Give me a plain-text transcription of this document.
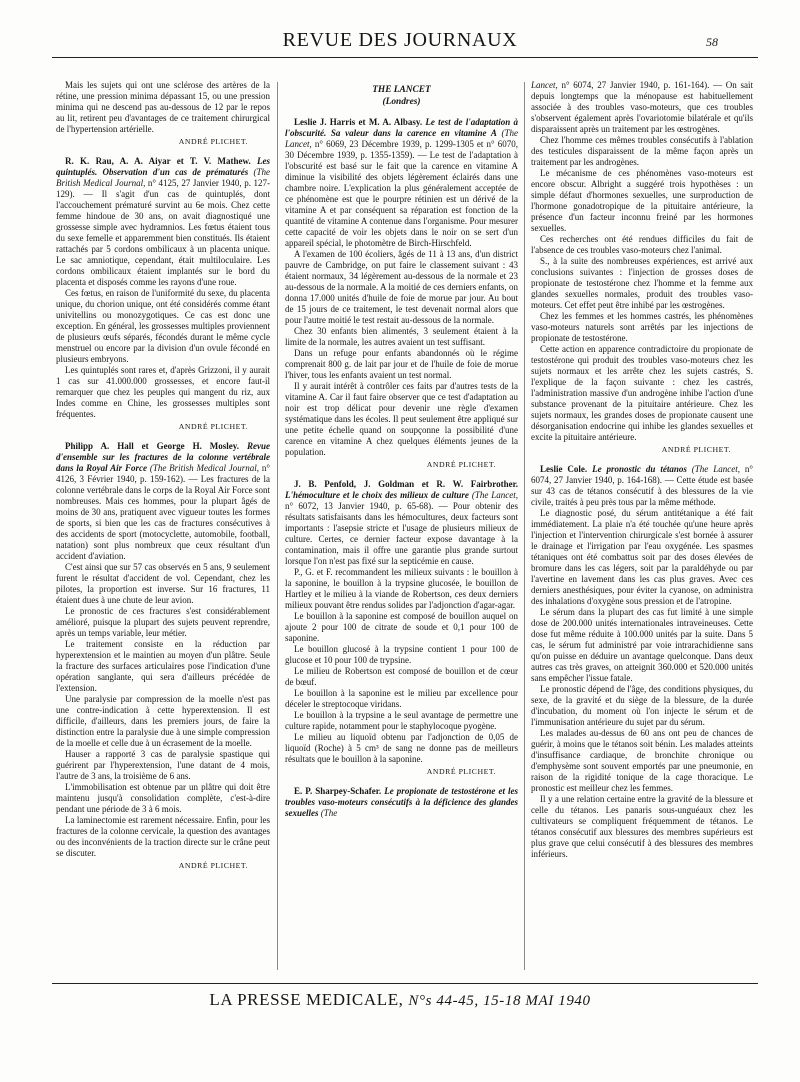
REVUE DES JOURNAUX	58

Mais les sujets qui ont une sclérose des artères de la rétine, une pression minima dépassant 15, ou une pression minima qui ne descend pas au-dessous de 12 par le repos au lit, retirent peu d'avantages de ce traitement chirurgical de l'hypertension artérielle.

ANDRÉ PLICHET.

R. K. Rau, A. A. Aiyar et T. V. Mathew. Les quintuplés. Observation d'un cas de prématurés (The British Medical Journal, n° 4125, 27 Janvier 1940, p. 127-129). — Il s'agit d'un cas de quintuplés, dont l'accouchement prématuré survint au 6e mois. Chez cette femme hindoue de 30 ans, on avait diagnostiqué une grossesse simple avec hydramnios. Les fœtus étaient tous du sexe femelle et apparemment bien constitués. Ils étaient rattachés par 5 cordons ombilicaux à un placenta unique. Le sac amniotique, cependant, était multiloculaire. Les cordons ombilicaux étaient implantés sur le bord du placenta et disposés comme les rayons d'une roue.

Ces fœtus, en raison de l'uniformité du sexe, du placenta unique, du chorion unique, ont été considérés comme étant univitellins ou monozygotiques. Ce cas est donc une exception. En général, les grossesses multiples proviennent de plusieurs œufs séparés, fécondés durant le même cycle menstruel ou encore par la division d'un ovule fécondé en plusieurs embryons.

Les quintuplés sont rares et, d'après Grizzoni, il y aurait 1 cas sur 41.000.000 grossesses, et encore faut-il remarquer que chez les peuples qui mangent du riz, aux Indes comme en Chine, les grossesses multiples sont fréquentes.

ANDRÉ PLICHET.

Philipp A. Hall et George H. Mosley. Revue d'ensemble sur les fractures de la colonne vertébrale dans la Royal Air Force (The British Medical Journal, n° 4126, 3 Février 1940, p. 159-162). — Les fractures de la colonne vertébrale dans le corps de la Royal Air Force sont nombreuses. Mais ces hommes, pour la plupart âgés de moins de 30 ans, pratiquent avec vigueur toutes les formes de sports, si bien que les cas de fractures consécutives à des accidents de sport (motocyclette, automobile, football, natation) sont plus nombreux que ceux résultant d'un accident d'aviation.

C'est ainsi que sur 57 cas observés en 5 ans, 9 seulement furent le résultat d'accident de vol. Cependant, chez les pilotes, la proportion est inverse. Sur 16 fractures, 11 étaient dues à une chute de leur avion.

Le pronostic de ces fractures s'est considérablement amélioré, puisque la plupart des sujets peuvent reprendre, après un temps variable, leur métier.

Le traitement consiste en la réduction par hyperextension et le maintien au moyen d'un plâtre. Seule la fracture des surfaces articulaires pose l'indication d'une opération sanglante, qui sera d'ailleurs précédée de l'extension.

Une paralysie par compression de la moelle n'est pas une contre-indication à cette hyperextension. Il est difficile, d'ailleurs, dans les premiers jours, de faire la distinction entre la paralysie due à une simple compression de la moelle et celle due à un écrasement de la moelle.

Hauser a rapporté 3 cas de paralysie spastique qui guérirent par l'hyperextension, l'une datant de 4 mois, l'autre de 3 ans, la troisième de 6 ans.

L'immobilisation est obtenue par un plâtre qui doit être maintenu jusqu'à consolidation complète, c'est-à-dire pendant une période de 3 à 6 mois.

La laminectomie est rarement nécessaire. Enfin, pour les fractures de la colonne cervicale, la question des avantages ou des inconvénients de la traction directe sur le crâne peut se discuter.

ANDRÉ PLICHET.

THE LANCET

(Londres)

Leslie J. Harris et M. A. Albasy. Le test de l'adaptation à l'obscurité. Sa valeur dans la carence en vitamine A (The Lancet, n° 6069, 23 Décembre 1939, p. 1299-1305 et n° 6070, 30 Décembre 1939, p. 1355-1359). — Le test de l'adaptation à l'obscurité est basé sur le fait que la carence en vitamine A diminue la visibilité des objets légèrement éclairés dans une chambre noire. L'explication la plus généralement acceptée de ce phénomène est que le pourpre rétinien est un dérivé de la vitamine A et par conséquent sa réparation est fonction de la quantité de vitamine A contenue dans l'organisme. Pour mesurer cette capacité de voir les objets dans le noir on se sert d'un appareil spécial, le photomètre de Birch-Hirschfeld.

A l'examen de 100 écoliers, âgés de 11 à 13 ans, d'un district pauvre de Cambridge, on put faire le classement suivant : 43 étaient normaux, 34 légèrement au-dessous de la normale et 23 au-dessous de la normale. A la moitié de ces derniers enfants, on donna 17.000 unités d'huile de foie de morue par jour. Au bout de 15 jours de ce traitement, le test devenait normal alors que pour l'autre moitié le test restait au-dessous de la normale.

Chez 30 enfants bien alimentés, 3 seulement étaient à la limite de la normale, les autres avaient un test suffisant.

Dans un refuge pour enfants abandonnés où le régime comprenait 800 g. de lait par jour et de l'huile de foie de morue l'hiver, tous les enfants avaient un test normal.

Il y aurait intérêt à contrôler ces faits par d'autres tests de la vitamine A. Car il faut faire observer que ce test d'adaptation au noir est trop délicat pour devenir une règle d'examen systématique dans les écoles. Il peut seulement être appliqué sur une petite échelle quand on soupçonne la possibilité d'une carence en vitamine A chez quelques éléments jeunes de la population.

ANDRÉ PLICHET.

J. B. Penfold, J. Goldman et R. W. Fairbrother. L'hémoculture et le choix des milieux de culture (The Lancet, n° 6072, 13 Janvier 1940, p. 65-68). — Pour obtenir des résultats satisfaisants dans les hémocultures, deux facteurs sont importants : l'asepsie stricte et l'usage de plusieurs milieux de culture. Certes, ce dernier facteur expose davantage à la contamination, mais il offre une garantie plus grande surtout lorsque l'on n'est pas fixé sur la septicémie en cause.

P., G. et F. recommandent les milieux suivants : le bouillon à la saponine, le bouillon à la trypsine glucosée, le bouillon de Hartley et le milieu à la viande de Robertson, ces deux derniers milieux pouvant être rendus solides par l'adjonction d'agar-agar.

Le bouillon à la saponine est composé de bouillon auquel on ajoute 2 pour 100 de citrate de soude et 0,1 pour 100 de saponine.

Le bouillon glucosé à la trypsine contient 1 pour 100 de glucose et 10 pour 100 de trypsine.

Le milieu de Robertson est composé de bouillon et de cœur de bœuf.

Le bouillon à la saponine est le milieu par excellence pour déceler le streptocoque viridans.

Le bouillon à la trypsine a le seul avantage de permettre une culture rapide, notamment pour le staphylocoque pyogène.

Le milieu au liquoïd obtenu par l'adjonction de 0,05 de liquoïd (Roche) à 5 cm³ de sang ne donne pas de meilleurs résultats que le bouillon à la saponine.

ANDRÉ PLICHET.

E. P. Sharpey-Schafer. Le propionate de testostérone et les troubles vaso-moteurs consécutifs à la déficience des glandes sexuelles (The

Lancet, n° 6074, 27 Janvier 1940, p. 161-164). — On sait depuis longtemps que la ménopause est habituellement associée à des troubles vaso-moteurs, que ces troubles s'observent également après l'ovariotomie bilatérale et qu'ils disparaissent après un traitement par les œstrogènes.

Chez l'homme ces mêmes troubles consécutifs à l'ablation des testicules disparaissent de la même façon après un traitement par les androgènes.

Le mécanisme de ces phénomènes vaso-moteurs est encore obscur. Albright a suggéré trois hypothèses : un simple défaut d'hormones sexuelles, une surproduction de l'hormone gonadotropique de la pituitaire antérieure, la présence d'un facteur inconnu freiné par les hormones sexuelles.

Ces recherches ont été rendues difficiles du fait de l'absence de ces troubles vaso-moteurs chez l'animal.

S., à la suite des nombreuses expériences, est arrivé aux conclusions suivantes : l'injection de grosses doses de propionate de testostérone chez l'homme et la femme aux glandes sexuelles normales, produit des troubles vaso-moteurs. Cet effet peut être inhibé par les œstrogènes.

Chez les femmes et les hommes castrés, les phénomènes vaso-moteurs naturels sont arrêtés par les injections de propionate de testostérone.

Cette action en apparence contradictoire du propionate de testostérone qui produit des troubles vaso-moteurs chez les sujets normaux et les arrête chez les sujets castrés, S. l'explique de la façon suivante : chez les castrés, l'administration massive d'un androgène inhibe l'action d'une substance provenant de la pituitaire antérieure. Chez les sujets normaux, les grandes doses de propionate causent une désorganisation endocrine qui inhibe les glandes sexuelles et excite la pituitaire antérieure.

ANDRÉ PLICHET.

Leslie Cole. Le pronostic du tétanos (The Lancet, n° 6074, 27 Janvier 1940, p. 164-168). — Cette étude est basée sur 43 cas de tétanos consécutif à des blessures de la vie civile, traités à peu près tous par la même méthode.

Le diagnostic posé, du sérum antitétanique a été fait immédiatement. La plaie n'a été touchée qu'une heure après l'injection et l'intervention chirurgicale s'est bornée à assurer le drainage et l'irrigation par l'eau oxygénée. Les spasmes tétaniques ont été combattus soit par des doses élevées de bromure dans les cas légers, soit par la paraldéhyde ou par l'avertine en lavement dans les cas plus graves. Avec ces derniers anesthésiques, pour éviter la cyanose, on administra des inhalations d'oxygène sous pression et de l'atropine.

Le sérum dans la plupart des cas fut limité à une simple dose de 200.000 unités internationales intraveineuses. Cette dose fut même réduite à 100.000 unités par la suite. Dans 5 cas, le sérum fut administré par voie intrarachidienne sans qu'on puisse en déduire un avantage quelconque. Dans deux autres cas très graves, on atteignit 360.000 et 520.000 unités sans empêcher l'issue fatale.

Le pronostic dépend de l'âge, des conditions physiques, du sexe, de la gravité et du siège de la blessure, de la durée d'incubation, du moment où l'on injecte le sérum et de l'immunisation antérieure du sujet par du sérum.

Les malades au-dessus de 60 ans ont peu de chances de guérir, à moins que le tétanos soit bénin. Les malades atteints d'insuffisance cardiaque, de bronchite chronique ou d'emphysème sont souvent emportés par une pneumonie, en raison de la rigidité tonique de la cage thoracique. Le pronostic est meilleur chez les femmes.

Il y a une relation certaine entre la gravité de la blessure et celle du tétanos. Les panaris sous-unguéaux chez les cultivateurs se compliquent fréquemment de tétanos. Le tétanos consécutif aux blessures des membres supérieurs est plus grave que celui consécutif à des blessures des membres inférieurs.

LA PRESSE MEDICALE, N°s 44-45, 15-18 MAI 1940
